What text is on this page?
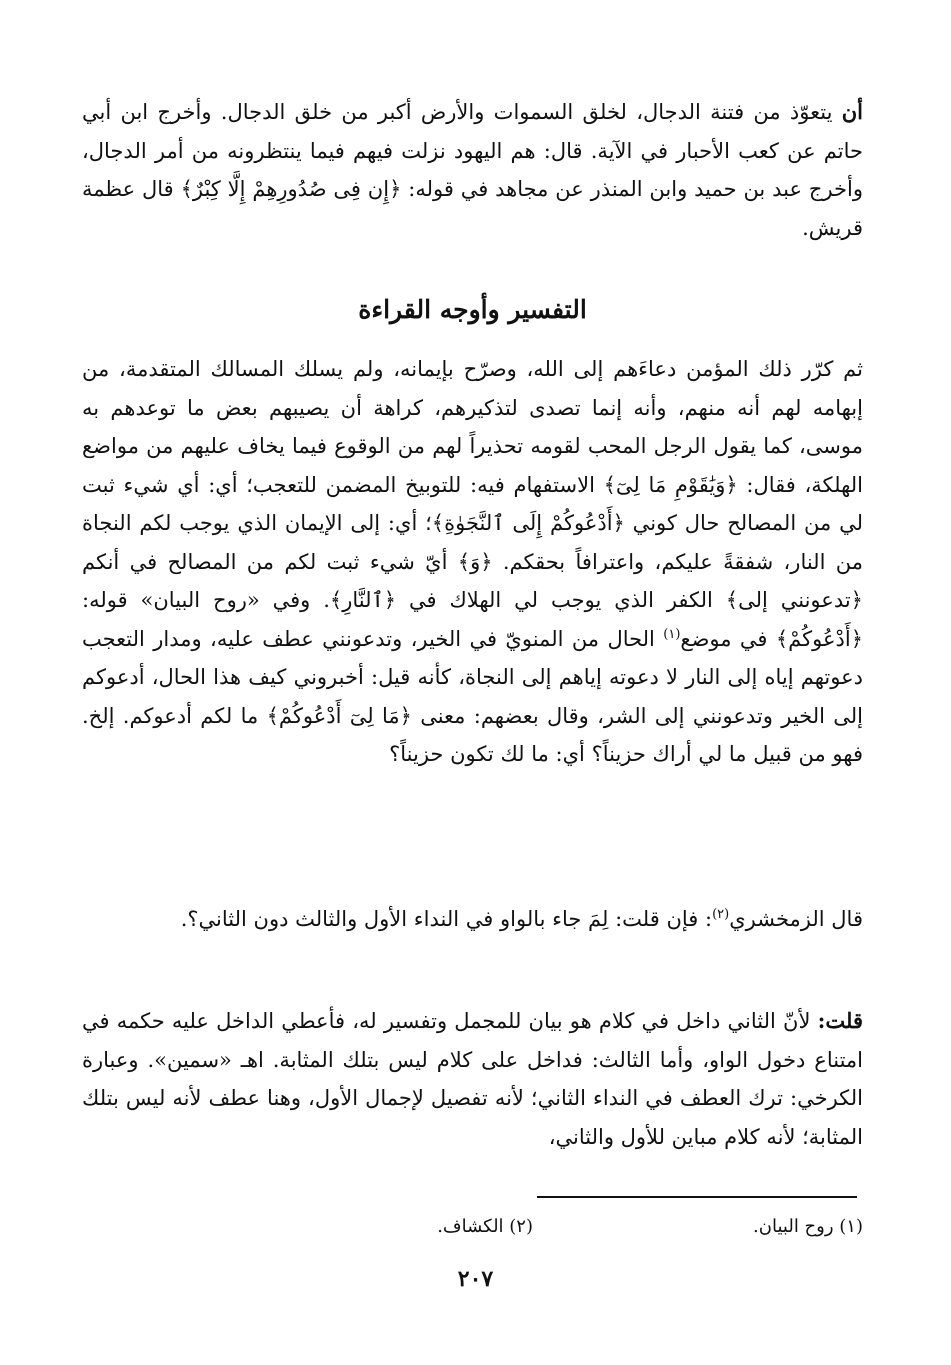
أن يتعوّذ من فتنة الدجال، لخلق السموات والأرض أكبر من خلق الدجال. وأخرج ابن أبي حاتم عن كعب الأحبار في الآية. قال: هم اليهود نزلت فيهم فيما ينتظرونه من أمر الدجال، وأخرج عبد بن حميد وابن المنذر عن مجاهد في قوله: ﴿إِن فِى صُدُورِهِمْ إِلَّا كِبْرٌ﴾ قال عظمة قريش.

التفسير وأوجه القراءة

ثم كرّر ذلك المؤمن دعاءَهم إلى الله، وصرّح بإيمانه، ولم يسلك المسالك المتقدمة، من إبهامه لهم أنه منهم، وأنه إنما تصدى لتذكيرهم، كراهة أن يصيبهم بعض ما توعدهم به موسى، كما يقول الرجل المحب لقومه تحذيراً لهم من الوقوع فيما يخاف عليهم من مواضع الهلكة، فقال: ﴿وَيَٰقَوْمِ مَا لِىٓ﴾ الاستفهام فيه: للتوبيخ المضمن للتعجب؛ أي: أي شيء ثبت لي من المصالح حال كوني ﴿أَدْعُوكُمْ إِلَى ٱلنَّجَوٰةِ﴾؛ أي: إلى الإيمان الذي يوجب لكم النجاة من النار، شفقةً عليكم، واعترافاً بحقكم. ﴿وَ﴾ أيّ شيء ثبت لكم من المصالح في أنكم ﴿تدعونني إلى﴾ الكفر الذي يوجب لي الهلاك في ﴿ٱلنَّارِ﴾. وفي «روح البيان» قوله: ﴿أَدْعُوكُمْ﴾ في موضع$^{(١)}$ الحال من المنويّ في الخير، وتدعونني عطف عليه، ومدار التعجب دعوتهم إياه إلى النار لا دعوته إياهم إلى النجاة، كأنه قيل: أخبروني كيف هذا الحال، أدعوكم إلى الخير وتدعونني إلى الشر، وقال بعضهم: معنى ﴿مَا لِىٓ أَدْعُوكُمْ﴾ ما لكم أدعوكم. إلخ. فهو من قبيل ما لي أراك حزيناً؟ أي: ما لك تكون حزيناً؟

قال الزمخشري$^{(٢)}$: فإن قلت: لِمَ جاء بالواو في النداء الأول والثالث دون الثاني؟.

قلت: لأنّ الثاني داخل في كلام هو بيان للمجمل وتفسير له، فأعطي الداخل عليه حكمه في امتناع دخول الواو، وأما الثالث: فداخل على كلام ليس بتلك المثابة. اهـ «سمين». وعبارة الكرخي: ترك العطف في النداء الثاني؛ لأنه تفصيل لإجمال الأول، وهنا عطف لأنه ليس بتلك المثابة؛ لأنه كلام مباين للأول والثاني،

(١) روح البيان.(٢) الكشاف.

٢٠٧
